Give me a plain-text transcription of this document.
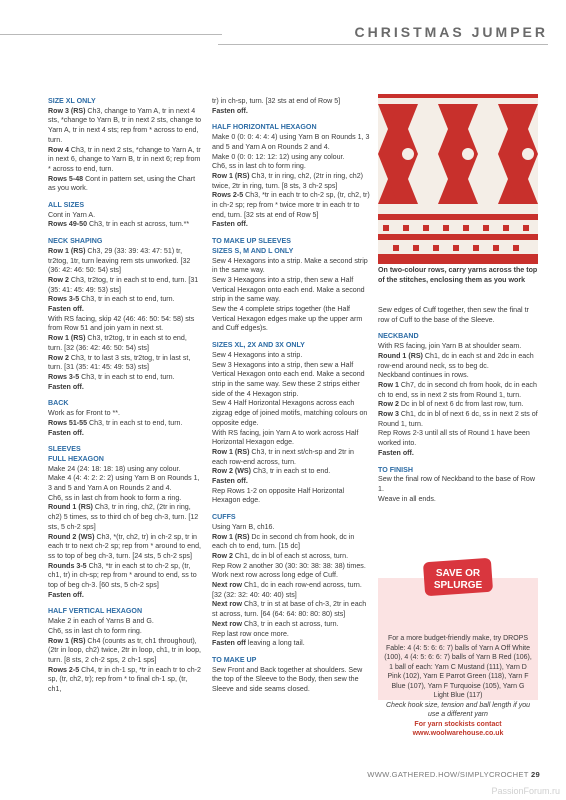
CHRISTMAS JUMPER
SIZE XL ONLY
Row 3 (RS) Ch3, change to Yarn A, tr in next 4 sts, *change to Yarn B, tr in next 2 sts, change to Yarn A, tr in next 4 sts; rep from * across to end, turn.
Row 4 Ch3, tr in next 2 sts, *change to Yarn A, tr in next 6, change to Yarn B, tr in next 6; rep from * across to end, turn.
Rows 5-48 Cont in pattern set, using the Chart as you work.
ALL SIZES
Cont in Yarn A.
Rows 49-50 Ch3, tr in each st across, turn.**
NECK SHAPING
Row 1 (RS) Ch3, 29 (33: 39: 43: 47: 51) tr, tr2tog, 1tr, turn leaving rem sts unworked. [32 (36: 42: 46: 50: 54) sts]
Row 2 Ch3, tr2tog, tr in each st to end, turn. [31 (35: 41: 45: 49: 53) sts]
Rows 3-5 Ch3, tr in each st to end, turn.
Fasten off.
With RS facing, skip 42 (46: 46: 50: 54: 58) sts from Row 51 and join yarn in next st.
Row 1 (RS) Ch3, tr2tog, tr in each st to end, turn. [32 (36: 42: 46: 50: 54) sts]
Row 2 Ch3, tr to last 3 sts, tr2tog, tr in last st, turn. [31 (35: 41: 45: 49: 53) sts]
Rows 3-5 Ch3, tr in each st to end, turn.
Fasten off.
BACK
Work as for Front to **.
Rows 51-55 Ch3, tr in each st to end, turn.
Fasten off.
SLEEVES
FULL HEXAGON
Make 24 (24: 18: 18: 18) using any colour.
Make 4 (4: 4: 2: 2: 2) using Yarn B on Rounds 1, 3 and 5 and Yarn A on Rounds 2 and 4.
Ch6, ss in last ch from hook to form a ring.
Round 1 (RS) Ch3, tr in ring, ch2, (2tr in ring, ch2) 5 times, ss to third ch of beg ch-3, turn. [12 sts, 5 ch-2 sps]
Round 2 (WS) Ch3, *(tr, ch2, tr) in ch-2 sp, tr in each tr to next ch-2 sp; rep from * around to end, ss to top of beg ch-3, turn. [24 sts, 5 ch-2 sps]
Rounds 3-5 Ch3, *tr in each st to ch-2 sp, (tr, ch1, tr) in ch-sp; rep from * around to end, ss to top of beg ch-3. [60 sts, 5 ch-2 sps]
Fasten off.
HALF VERTICAL HEXAGON
Make 2 in each of Yarns B and G.
Ch6, ss in last ch to form ring.
Row 1 (RS) Ch4 (counts as tr, ch1 throughout), (2tr in loop, ch2) twice, 2tr in loop, ch1, tr in loop, turn. [8 sts, 2 ch-2 sps, 2 ch-1 sps]
Rows 2-5 Ch4, tr in ch-1 sp, *tr in each tr to ch-2 sp, (tr, ch2, tr); rep from * to final ch-1 sp, (tr, ch1,
tr) in ch-sp, turn. [32 sts at end of Row 5]
Fasten off.
HALF HORIZONTAL HEXAGON
Make 0 (0: 0: 4: 4: 4) using Yarn B on Rounds 1, 3 and 5 and Yarn A on Rounds 2 and 4.
Make 0 (0: 0: 12: 12: 12) using any colour.
Ch6, ss in last ch to form ring.
Row 1 (RS) Ch3, tr in ring, ch2, (2tr in ring, ch2) twice, 2tr in ring, turn. [8 sts, 3 ch-2 sps]
Rows 2-5 Ch3, *tr in each tr to ch-2 sp, (tr, ch2, tr) in ch-2 sp; rep from * twice more tr in each tr to end, turn. [32 sts at end of Row 5]
Fasten off.
TO MAKE UP SLEEVES
SIZES S, M AND L ONLY
Sew 4 Hexagons into a strip. Make a second strip in the same way.
Sew 3 Hexagons into a strip, then sew a Half Vertical Hexagon onto each end. Make a second strip in the same way.
Sew the 4 complete strips together (the Half Vertical Hexagon edges make up the upper arm and Cuff edges)s.
SIZES XL, 2X AND 3X ONLY
Sew 4 Hexagons into a strip.
Sew 3 Hexagons into a strip, then sew a Half Vertical Hexagon onto each end. Make a second strip in the same way. Sew these 2 strips either side of the 4 Hexagon strip.
Sew 4 Half Horizontal Hexagons across each zigzag edge of joined motifs, matching colours on opposite edge.
With RS facing, join Yarn A to work across Half Horizontal Hexagon edge.
Row 1 (RS) Ch3, tr in next st/ch-sp and 2tr in each row-end across, turn.
Row 2 (WS) Ch3, tr in each st to end.
Fasten off.
Rep Rows 1-2 on opposite Half Horizontal Hexagon edge.
CUFFS
Using Yarn B, ch16.
Row 1 (RS) Dc in second ch from hook, dc in each ch to end, turn. [15 dc]
Row 2 Ch1, dc in bl of each st across, turn.
Rep Row 2 another 30 (30: 30: 38: 38: 38) times.
Work next row across long edge of Cuff.
Next row Ch1, dc in each row-end across, turn. [32 (32: 32: 40: 40: 40) sts]
Next row Ch3, tr in st at base of ch-3, 2tr in each st across, turn. [64 (64: 64: 80: 80: 80) sts]
Next row Ch3, tr in each st across, turn.
Rep last row once more.
Fasten off leaving a long tail.
TO MAKE UP
Sew Front and Back together at shoulders. Sew the top of the Sleeve to the Body, then sew the Sleeve and side seams closed.
On two-colour rows, carry yarns across the top of the stitches, enclosing them as you work
Sew edges of Cuff together, then sew the final tr row of Cuff to the base of the Sleeve.
NECKBAND
With RS facing, join Yarn B at shoulder seam.
Round 1 (RS) Ch1, dc in each st and 2dc in each row-end around neck, ss to beg dc.
Neckband continues in rows.
Row 1 Ch7, dc in second ch from hook, dc in each ch to end, ss in next 2 sts from Round 1, turn.
Row 2 Dc in bl of next 6 dc from last row, turn.
Row 3 Ch1, dc in bl of next 6 dc, ss in next 2 sts of Round 1, turn.
Rep Rows 2-3 until all sts of Round 1 have been worked into.
Fasten off.
TO FINISH
Sew the final row of Neckband to the base of Row 1.
Weave in all ends.
For a more budget-friendly make, try DROPS Fable: 4 (4: 5: 6: 6: 7) balls of Yarn A Off White (100), 4 (4: 5: 6: 6: 7) balls of Yarn B Red (106), 1 ball of each: Yarn C Mustand (111), Yarn D Pink (102), Yarn E Parrot Green (118), Yarn F Blue (107), Yarn F Turquoise (105), Yarn G Light Blue (117)
Check hook size, tension and ball length if you use a different yarn
For yarn stockists contact
www.woolwarehouse.co.uk
SAVE OR
SPLURGE
WWW.GATHERED.HOW/SIMPLYCROCHET 29
PassionForum.ru
